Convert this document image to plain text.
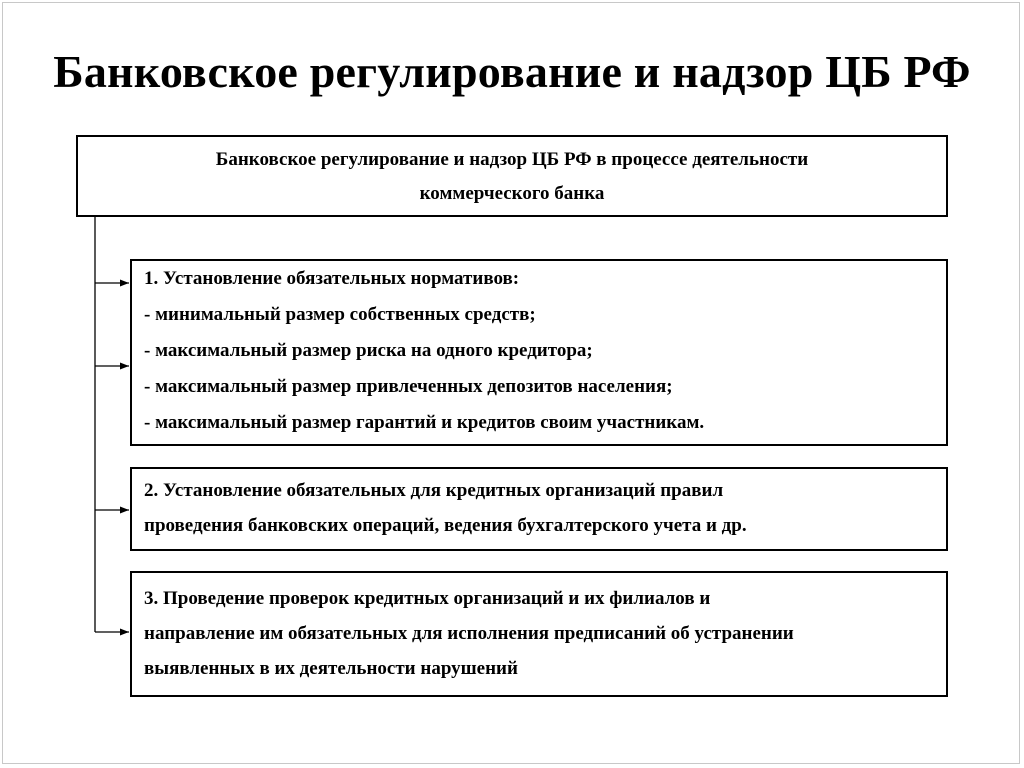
Банковское регулирование и надзор ЦБ РФ
Банковское регулирование и надзор ЦБ РФ в процессе деятельности
коммерческого банка
1. Установление обязательных нормативов:
- минимальный размер собственных средств;
- максимальный размер риска на одного кредитора;
- максимальный размер привлеченных депозитов населения;
- максимальный размер гарантий и кредитов своим участникам.
2. Установление обязательных для кредитных организаций правил
проведения банковских операций, ведения бухгалтерского учета и др.
3. Проведение проверок кредитных организаций и их филиалов и
направление им обязательных для исполнения предписаний об устранении
выявленных в их деятельности нарушений
